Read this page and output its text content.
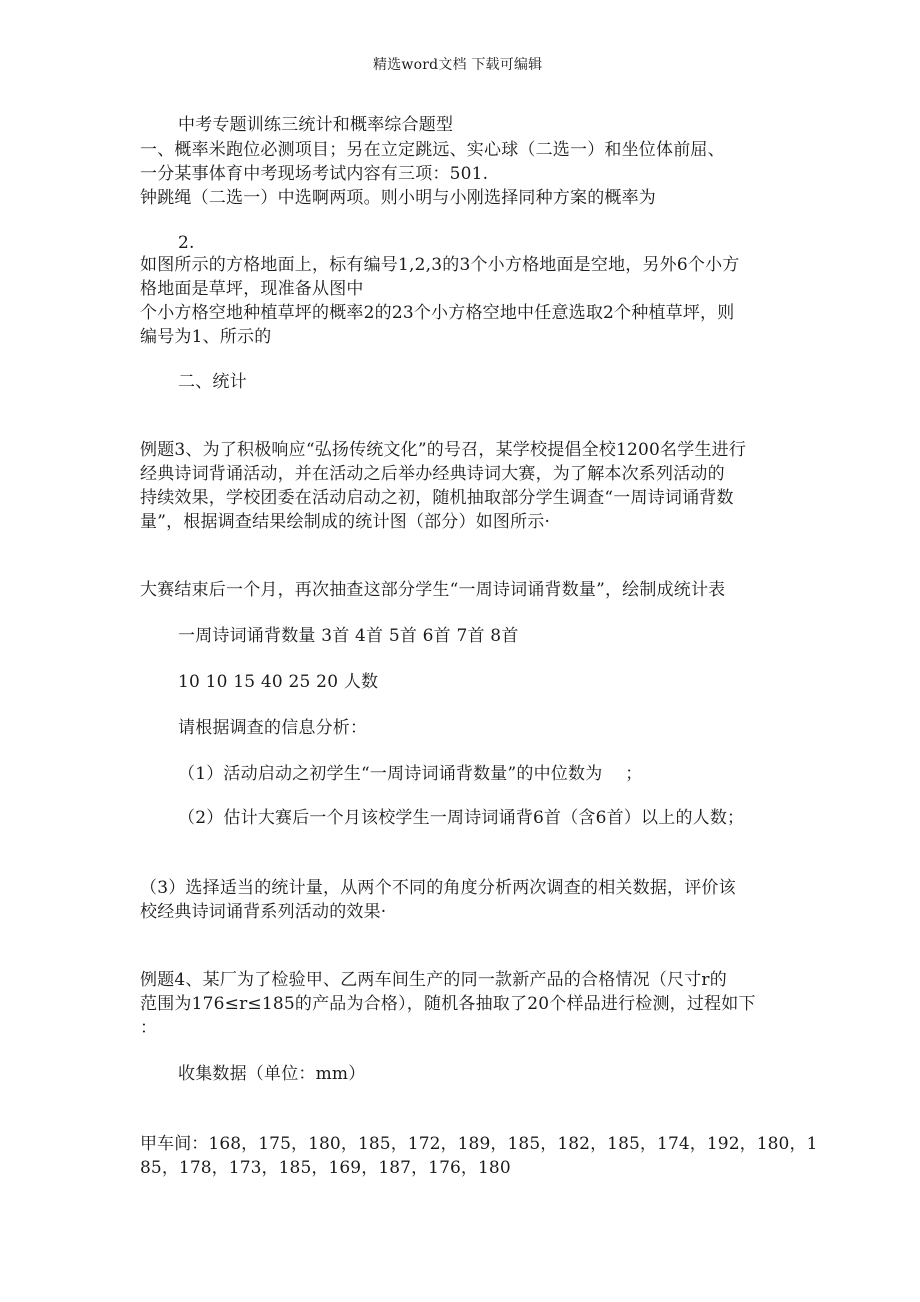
精选word文档 下载可编辑
中考专题训练三统计和概率综合题型
一、概率米跑位必测项目；另在立定跳远、实心球（二选一）和坐位体前屈、
一分某事体育中考现场考试内容有三项：501.
钟跳绳（二选一）中选啊两项。则小明与小刚选择同种方案的概率为
2.
如图所示的方格地面上，标有编号1,2,3的3个小方格地面是空地，另外6个小方
格地面是草坪，现准备从图中
个小方格空地种植草坪的概率2的23个小方格空地中任意选取2个种植草坪，则
编号为1、所示的
二、统计
例题3、为了积极响应“弘扬传统文化”的号召，某学校提倡全校1200名学生进行
经典诗词背诵活动，并在活动之后举办经典诗词大赛，为了解本次系列活动的
持续效果，学校团委在活动启动之初，随机抽取部分学生调查“一周诗词诵背数
量”，根据调查结果绘制成的统计图（部分）如图所示·
大赛结束后一个月，再次抽查这部分学生“一周诗词诵背数量”，绘制成统计表
一周诗词诵背数量 3首 4首 5首 6首 7首 8首
10 10 15 40 25 20 人数
请根据调查的信息分析：
（1）活动启动之初学生“一周诗词诵背数量”的中位数为　 ；
（2）估计大赛后一个月该校学生一周诗词诵背6首（含6首）以上的人数；
（3）选择适当的统计量，从两个不同的角度分析两次调查的相关数据，评价该
校经典诗词诵背系列活动的效果·
例题4、某厂为了检验甲、乙两车间生产的同一款新产品的合格情况（尺寸r的
范围为176≤r≤185的产品为合格），随机各抽取了20个样品进行检测，过程如下
：
收集数据（单位：mm）
甲车间：168，175，180，185，172，189，185，182，185，174，192，180，1
85，178，173，185，169，187，176，180
